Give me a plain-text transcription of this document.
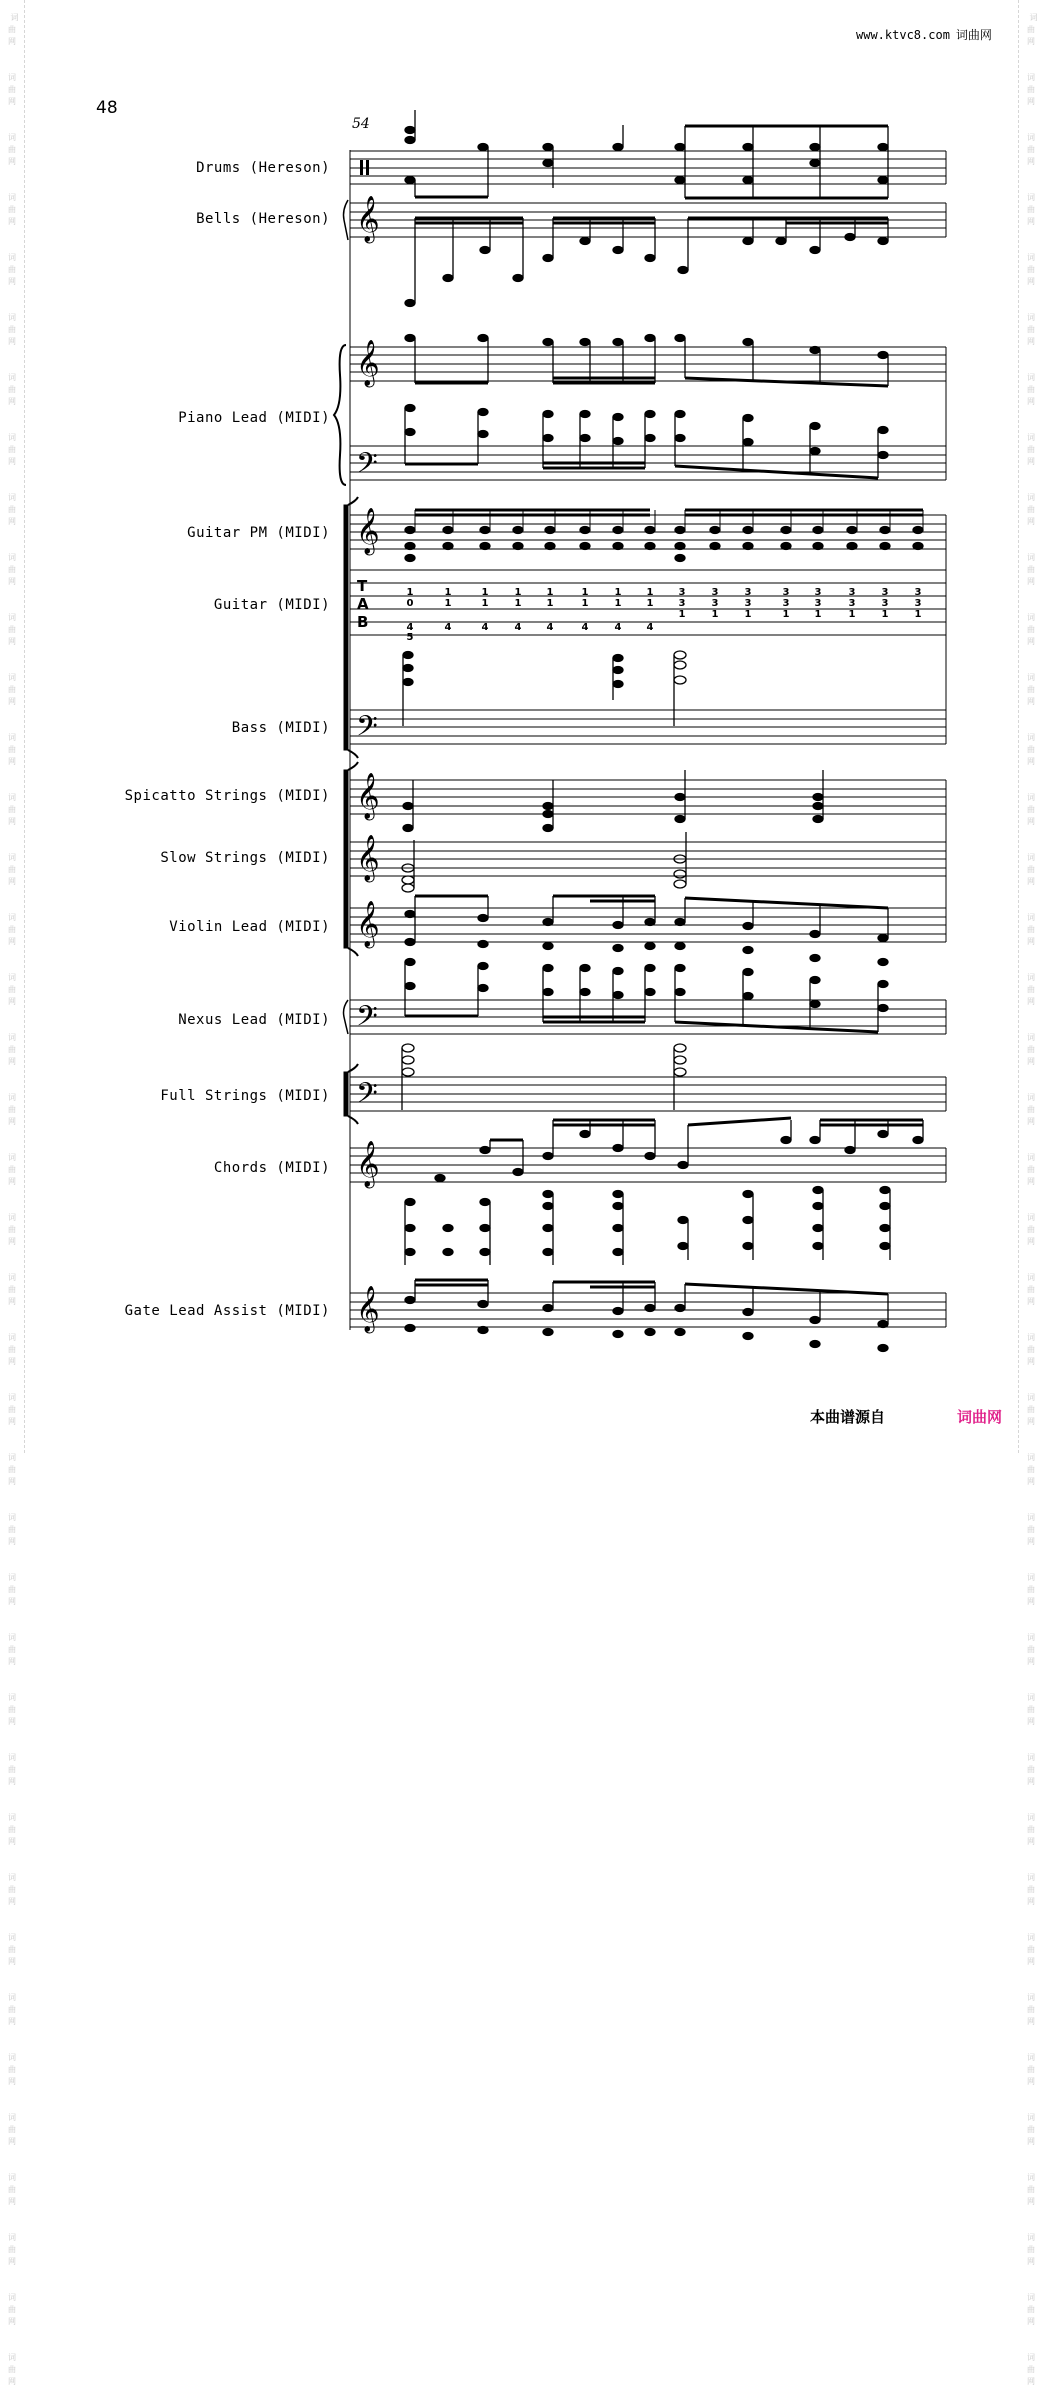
词
曲
网

词
曲
网

词
曲
网

词
曲
网

词
曲
网

词
曲
网

词
曲
网

词
曲
网

词
曲
网

词
曲
网

词
曲
网

词
曲
网

词
曲
网

词
曲
网

词
曲
网

词
曲
网

词
曲
网

词
曲
网

词
曲
网

词
曲
网

词
曲
网

词
曲
网

词
曲
网

词
曲
网

词
曲
网

词
曲
网

词
曲
网

词
曲
网

词
曲
网

词
曲
网

词
曲
网

词
曲
网

词
曲
网

词
曲
网

词
曲
网

词
曲
网

词
曲
网

词
曲
网

词
曲
网

词
曲
网

词
曲
网

词
曲
网

词
曲
网

词
曲
网

词
曲
网

词
曲
网

词
曲
网

词
曲
网

词
曲
网

词
曲
网

词
曲
网

词
曲
网

词
曲
网

词
曲
网

词
曲
网

词
曲
网

词
曲
网

词
曲
网

词
曲
网

词
曲
网

词
曲
网

词
曲
网

词
曲
网

词
曲
网

词
曲
网

词
曲
网

词
曲
网

词
曲
网

词
曲
网

词
曲
网

词
曲
网

词
曲
网

词
曲
网

词
曲
网

词
曲
网

词
曲
网

词
曲
网

词
曲
网

词
曲
网

词
曲
网

www.ktvc8.com 词曲网
48
54
Drums (Hereson)
Bells (Hereson)
Piano Lead (MIDI)
Guitar PM (MIDI)
Guitar (MIDI)
Bass (MIDI)
Spicatto Strings (MIDI)
Slow Strings (MIDI)
Violin Lead (MIDI)
Nexus Lead (MIDI)
Full Strings (MIDI)
Chords (MIDI)
Gate Lead Assist (MIDI)
𝄞
𝄞
𝄢
𝄞
𝄢
𝄞
𝄞
𝄞
𝄢
𝄢
𝄞
𝄞
T
A
B
1	1	1	1	1	1	1	1	3	3	3	3	3	3	3	3
0	1	1	1	1	1	1	1	3	3	3	3	3	3	3	3
1	1	1	1	1	1	1	1
4	4	4	4	4	4	4	4
5
本曲谱源自	词曲网
